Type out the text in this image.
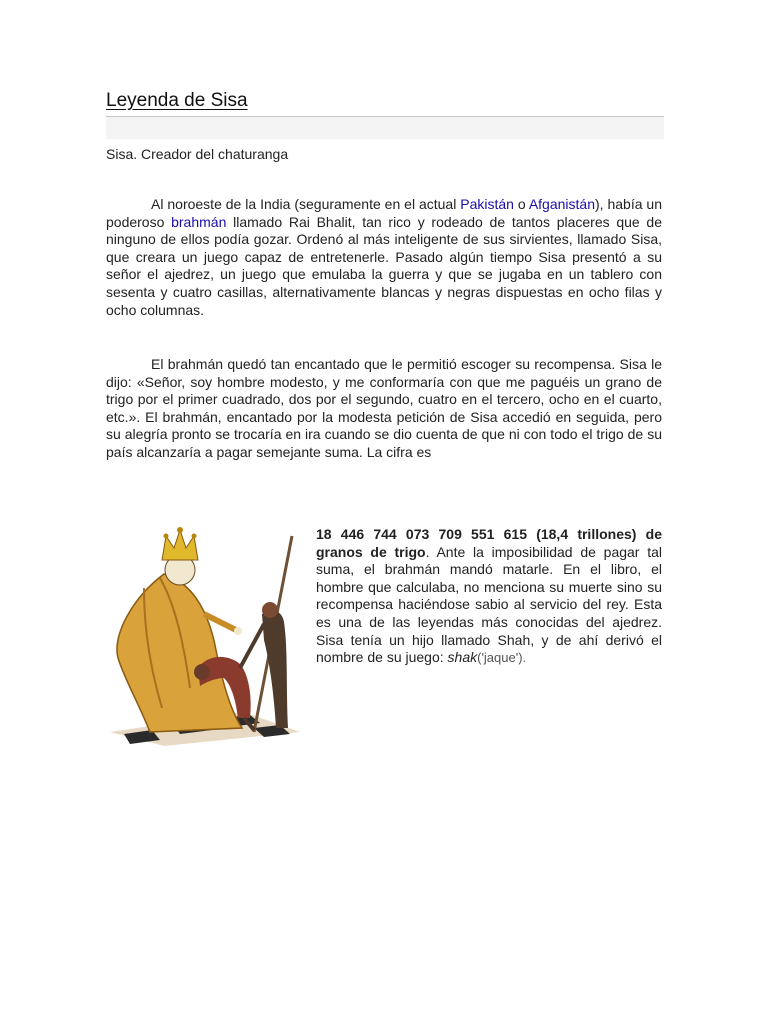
Leyenda de Sisa
Sisa. Creador del chaturanga

Al noroeste de la India (seguramente en el actual Pakistán o Afganistán), había un poderoso brahmán llamado Rai Bhalit, tan rico y rodeado de tantos placeres que de ninguno de ellos podía gozar. Ordenó al más inteligente de sus sirvientes, llamado Sisa, que creara un juego capaz de entretenerle. Pasado algún tiempo Sisa presentó a su señor el ajedrez, un juego que emulaba la guerra y que se jugaba en un tablero con sesenta y cuatro casillas, alternativamente blancas y negras dispuestas en ocho filas y ocho columnas.

El brahmán quedó tan encantado que le permitió escoger su recompensa. Sisa le dijo: «Señor, soy hombre modesto, y me conformaría con que me paguéis un grano de trigo por el primer cuadrado, dos por el segundo, cuatro en el tercero, ocho en el cuarto, etc.». El brahmán, encantado por la modesta petición de Sisa accedió en seguida, pero su alegría pronto se trocaría en ira cuando se dio cuenta de que ni con todo el trigo de su país alcanzaría a pagar semejante suma. La cifra es

18 446 744 073 709 551 615 (18,4 trillones) de granos de trigo. Ante la imposibilidad de pagar tal suma, el brahmán mandó matarle. En el libro, el hombre que calculaba, no menciona su muerte sino su recompensa haciéndose sabio al servicio del rey. Esta es una de las leyendas más conocidas del ajedrez. Sisa tenía un hijo llamado Shah, y de ahí derivó el nombre de su juego: shak('jaque').
